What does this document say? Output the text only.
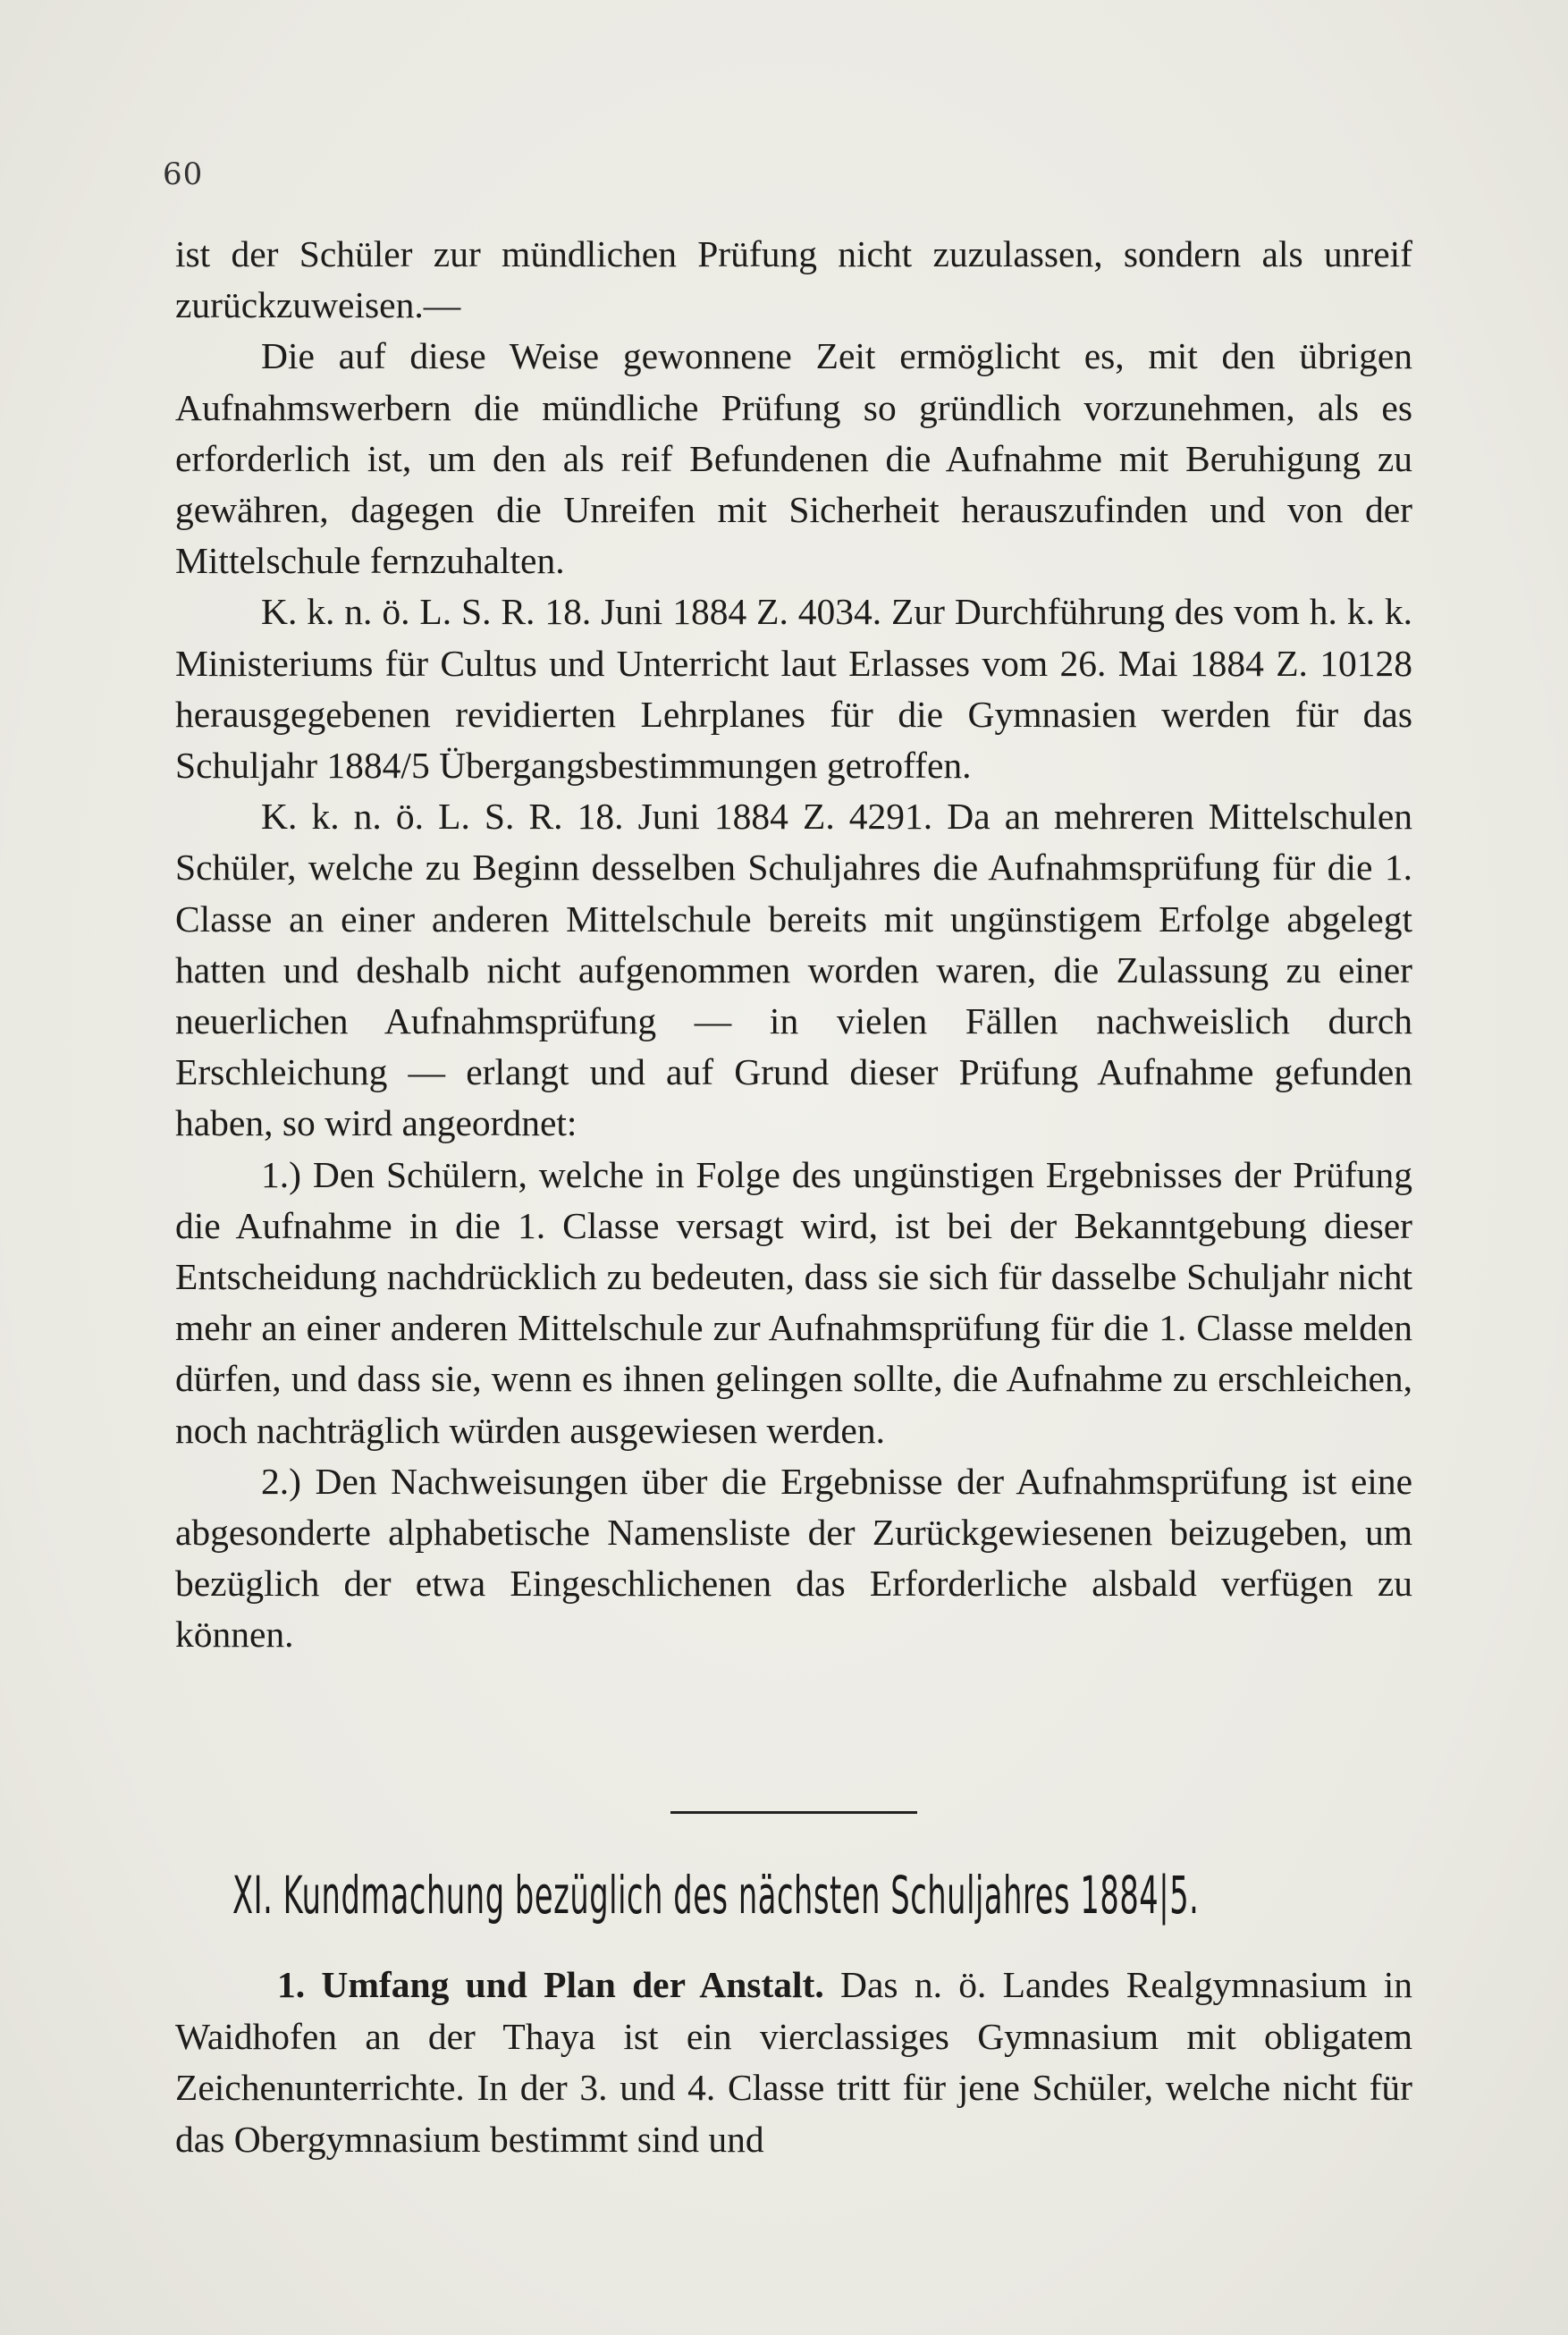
60

ist der Schüler zur mündlichen Prüfung nicht zuzulassen, sondern als unreif zurückzuweisen.—

Die auf diese Weise gewonnene Zeit ermöglicht es, mit den übrigen Aufnahmswerbern die mündliche Prüfung so gründlich vorzunehmen, als es erforderlich ist, um den als reif Befundenen die Aufnahme mit Beruhigung zu gewähren, dagegen die Unreifen mit Sicherheit herauszufinden und von der Mittelschule fernzuhalten.

K. k. n. ö. L. S. R. 18. Juni 1884 Z. 4034. Zur Durchführung des vom h. k. k. Ministeriums für Cultus und Unterricht laut Erlasses vom 26. Mai 1884 Z. 10128 herausgegebenen revidierten Lehrplanes für die Gymnasien werden für das Schuljahr 1884/5 Übergangsbestimmungen getroffen.

K. k. n. ö. L. S. R. 18. Juni 1884 Z. 4291. Da an mehreren Mittelschulen Schüler, welche zu Beginn desselben Schuljahres die Aufnahmsprüfung für die 1. Classe an einer anderen Mittelschule bereits mit ungünstigem Erfolge abgelegt hatten und deshalb nicht aufgenommen worden waren, die Zulassung zu einer neuerlichen Aufnahmsprüfung — in vielen Fällen nachweislich durch Erschleichung — erlangt und auf Grund dieser Prüfung Aufnahme gefunden haben, so wird angeordnet:

1.) Den Schülern, welche in Folge des ungünstigen Ergebnisses der Prüfung die Aufnahme in die 1. Classe versagt wird, ist bei der Bekanntgebung dieser Entscheidung nachdrücklich zu bedeuten, dass sie sich für dasselbe Schuljahr nicht mehr an einer anderen Mittelschule zur Aufnahmsprüfung für die 1. Classe melden dürfen, und dass sie, wenn es ihnen gelingen sollte, die Aufnahme zu erschleichen, noch nachträglich würden ausgewiesen werden.

2.) Den Nachweisungen über die Ergebnisse der Aufnahmsprüfung ist eine abgesonderte alphabetische Namensliste der Zurückgewiesenen beizugeben, um bezüglich der etwa Eingeschlichenen das Erforderliche alsbald verfügen zu können.

XI. Kundmachung bezüglich des nächsten Schuljahres 1884|5.

1. Umfang und Plan der Anstalt. Das n. ö. Landes Realgymnasium in Waidhofen an der Thaya ist ein vierclassiges Gymnasium mit obligatem Zeichenunterrichte. In der 3. und 4. Classe tritt für jene Schüler, welche nicht für das Obergymnasium bestimmt sind und
